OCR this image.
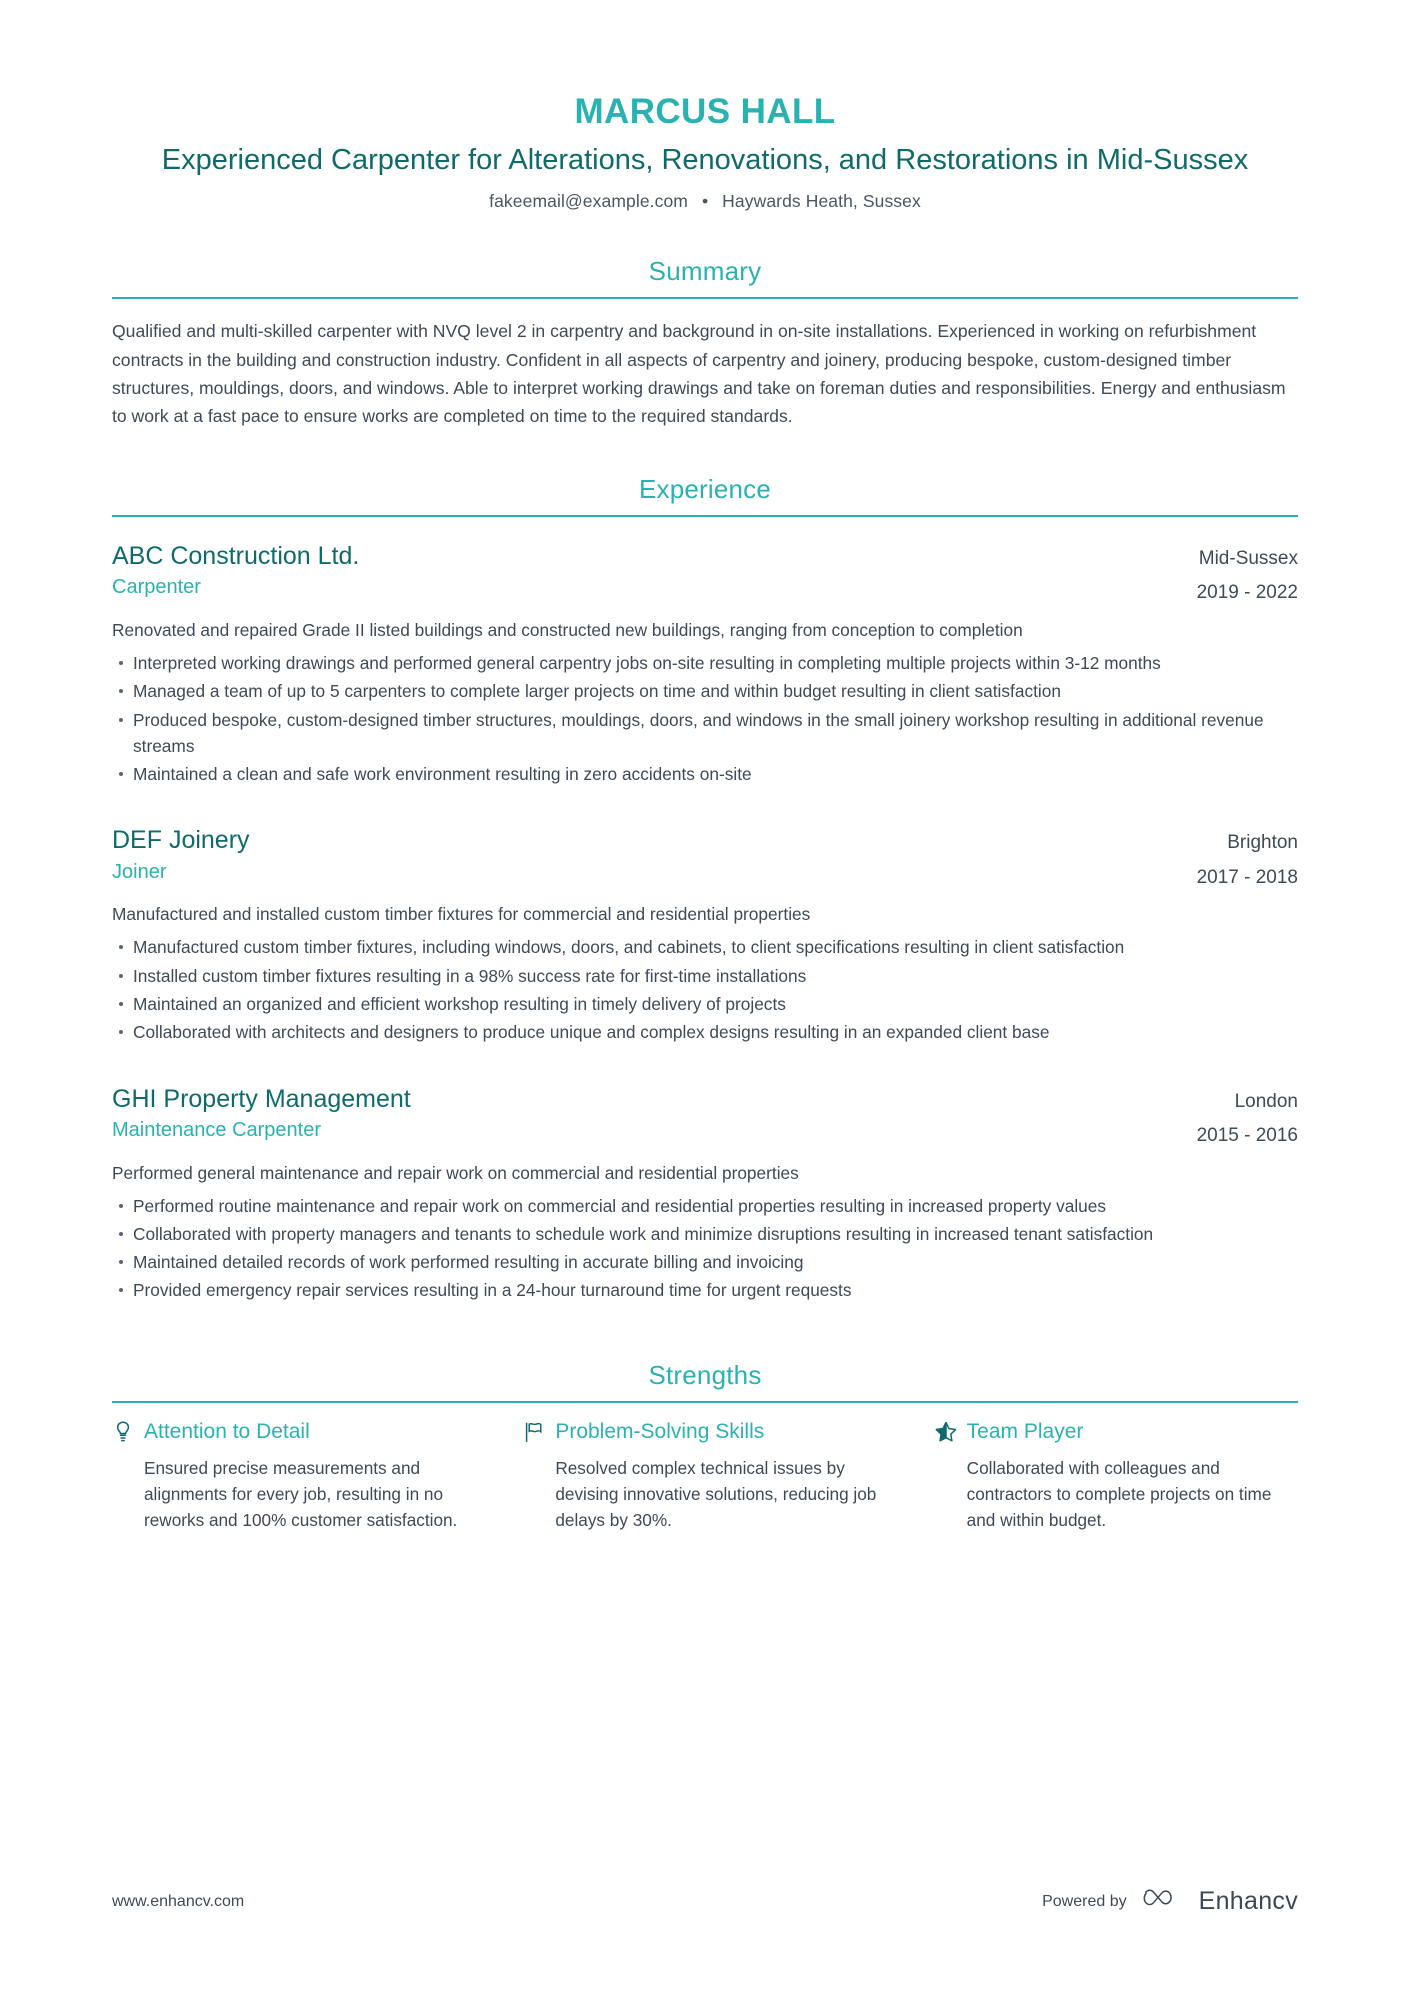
MARCUS HALL
Experienced Carpenter for Alterations, Renovations, and Restorations in Mid-Sussex
fakeemail@example.com • Haywards Heath, Sussex
Summary

Qualified and multi-skilled carpenter with NVQ level 2 in carpentry and background in on-site installations. Experienced in working on refurbishment contracts in the building and construction industry. Confident in all aspects of carpentry and joinery, producing bespoke, custom-designed timber structures, mouldings, doors, and windows. Able to interpret working drawings and take on foreman duties and responsibilities. Energy and enthusiasm to work at a fast pace to ensure works are completed on time to the required standards.

Experience
ABC Construction Ltd.
Carpenter
Mid-Sussex
2019 - 2022
Renovated and repaired Grade II listed buildings and constructed new buildings, ranging from conception to completion
Interpreted working drawings and performed general carpentry jobs on-site resulting in completing multiple projects within 3-12 months
Managed a team of up to 5 carpenters to complete larger projects on time and within budget resulting in client satisfaction
Produced bespoke, custom-designed timber structures, mouldings, doors, and windows in the small joinery workshop resulting in additional revenue streams
Maintained a clean and safe work environment resulting in zero accidents on-site
DEF Joinery
Joiner
Brighton
2017 - 2018
Manufactured and installed custom timber fixtures for commercial and residential properties
Manufactured custom timber fixtures, including windows, doors, and cabinets, to client specifications resulting in client satisfaction
Installed custom timber fixtures resulting in a 98% success rate for first-time installations
Maintained an organized and efficient workshop resulting in timely delivery of projects
Collaborated with architects and designers to produce unique and complex designs resulting in an expanded client base
GHI Property Management
Maintenance Carpenter
London
2015 - 2016
Performed general maintenance and repair work on commercial and residential properties
Performed routine maintenance and repair work on commercial and residential properties resulting in increased property values
Collaborated with property managers and tenants to schedule work and minimize disruptions resulting in increased tenant satisfaction
Maintained detailed records of work performed resulting in accurate billing and invoicing
Provided emergency repair services resulting in a 24-hour turnaround time for urgent requests
Strengths
Attention to Detail
Ensured precise measurements and alignments for every job, resulting in no reworks and 100% customer satisfaction.
Problem-Solving Skills
Resolved complex technical issues by devising innovative solutions, reducing job delays by 30%.
Team Player
Collaborated with colleagues and contractors to complete projects on time and within budget.
www.enhancv.com	Powered by	Enhancv
